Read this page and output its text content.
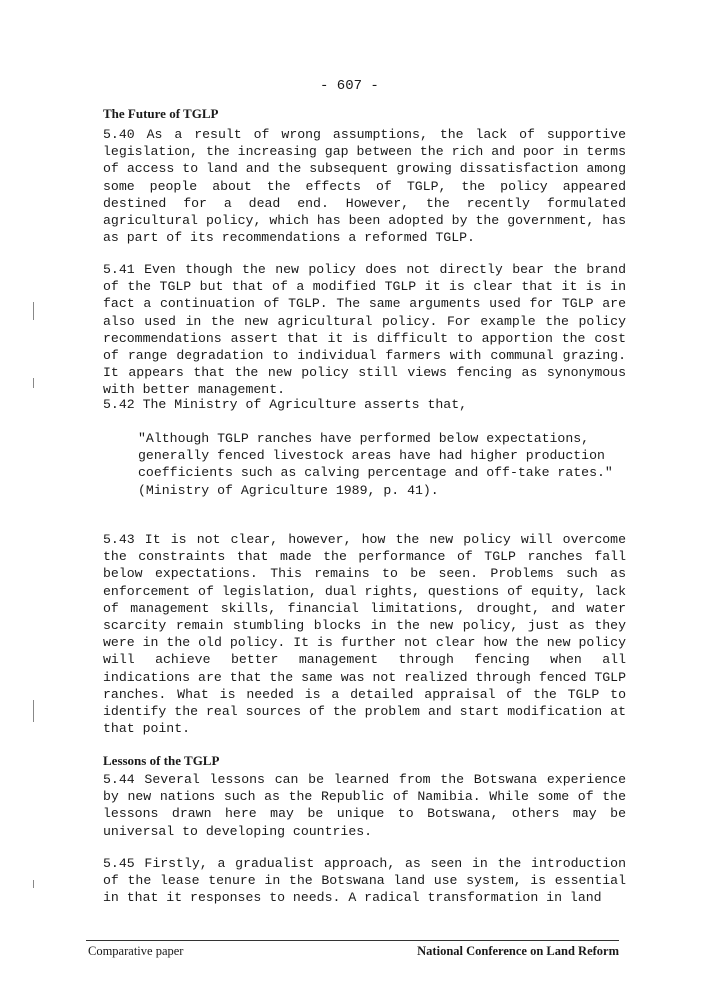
- 607 -
The Future of TGLP

5.40 As a result of wrong assumptions, the lack of supportive legislation, the increasing gap between the rich and poor in terms of access to land and the subsequent growing dissatisfaction among some people about the effects of TGLP, the policy appeared destined for a dead end. However, the recently formulated agricultural policy, which has been adopted by the government, has as part of its recommendations a reformed TGLP.

5.41 Even though the new policy does not directly bear the brand of the TGLP but that of a modified TGLP it is clear that it is in fact a continuation of TGLP. The same arguments used for TGLP are also used in the new agricultural policy. For example the policy recommendations assert that it is difficult to apportion the cost of range degradation to individual farmers with communal grazing. It appears that the new policy still views fencing as synonymous with better management.

5.42 The Ministry of Agriculture asserts that,

"Although TGLP ranches have performed below expectations, generally fenced livestock areas have had higher production coefficients such as calving percentage and off-take rates." (Ministry of Agriculture 1989, p. 41).

5.43 It is not clear, however, how the new policy will overcome the constraints that made the performance of TGLP ranches fall below expectations. This remains to be seen. Problems such as enforcement of legislation, dual rights, questions of equity, lack of management skills, financial limitations, drought, and water scarcity remain stumbling blocks in the new policy, just as they were in the old policy. It is further not clear how the new policy will achieve better management through fencing when all indications are that the same was not realized through fenced TGLP ranches. What is needed is a detailed appraisal of the TGLP to identify the real sources of the problem and start modification at that point.

Lessons of the TGLP

5.44 Several lessons can be learned from the Botswana experience by new nations such as the Republic of Namibia. While some of the lessons drawn here may be unique to Botswana, others may be universal to developing countries.

5.45 Firstly, a gradualist approach, as seen in the introduction of the lease tenure in the Botswana land use system, is essential in that it responses to needs. A radical transformation in land

Comparative paper	National Conference on Land Reform
